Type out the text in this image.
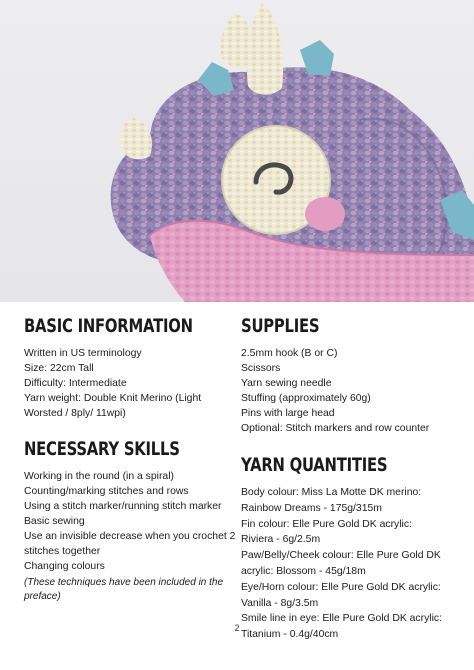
BASIC INFORMATION
Written in US terminology
Size: 22cm Tall
Difficulty: Intermediate
Yarn weight: Double Knit Merino (Light
Worsted / 8ply/ 11wpi)
NECESSARY SKILLS
Working in the round (in a spiral)
Counting/marking stitches and rows
Using a stitch marker/running stitch marker
Basic sewing
Use an invisible decrease when you crochet 2
stitches together
Changing colours
(These techniques have been included in the
preface)
SUPPLIES
2.5mm hook (B or C)
Scissors
Yarn sewing needle
Stuffing (approximately 60g)
Pins with large head
Optional: Stitch markers and row counter
YARN QUANTITIES
Body colour: Miss La Motte DK merino:
Rainbow Dreams - 175g/315m
Fin colour: Elle Pure Gold DK acrylic:
Riviera - 6g/2.5m
Paw/Belly/Cheek colour: Elle Pure Gold DK
acrylic: Blossom - 45g/18m
Eye/Horn colour: Elle Pure Gold DK acrylic:
Vanilla - 8g/3.5m
Smile line in eye: Elle Pure Gold DK acrylic:
Titanium - 0.4g/40cm
2
